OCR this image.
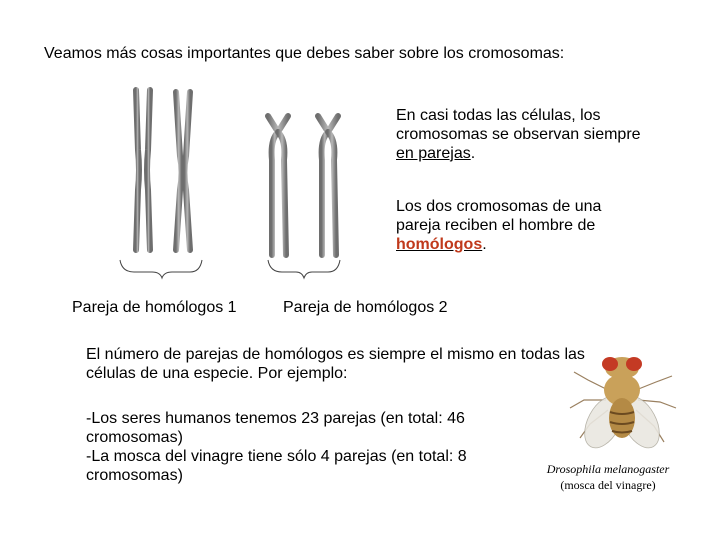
Veamos más cosas importantes que debes saber sobre los cromosomas:
En casi todas las células, los cromosomas se observan siempre en parejas.
Los dos cromosomas de una pareja reciben el hombre de homólogos.
Pareja de homólogos 1	Pareja de homólogos 2
El número de parejas de homólogos es siempre el mismo en todas las células de una especie. Por ejemplo:
-Los seres humanos tenemos 23 parejas (en total: 46 cromosomas)
-La mosca del vinagre tiene sólo 4 parejas (en total: 8 cromosomas)	Drosophila melanogaster
(mosca del vinagre)
